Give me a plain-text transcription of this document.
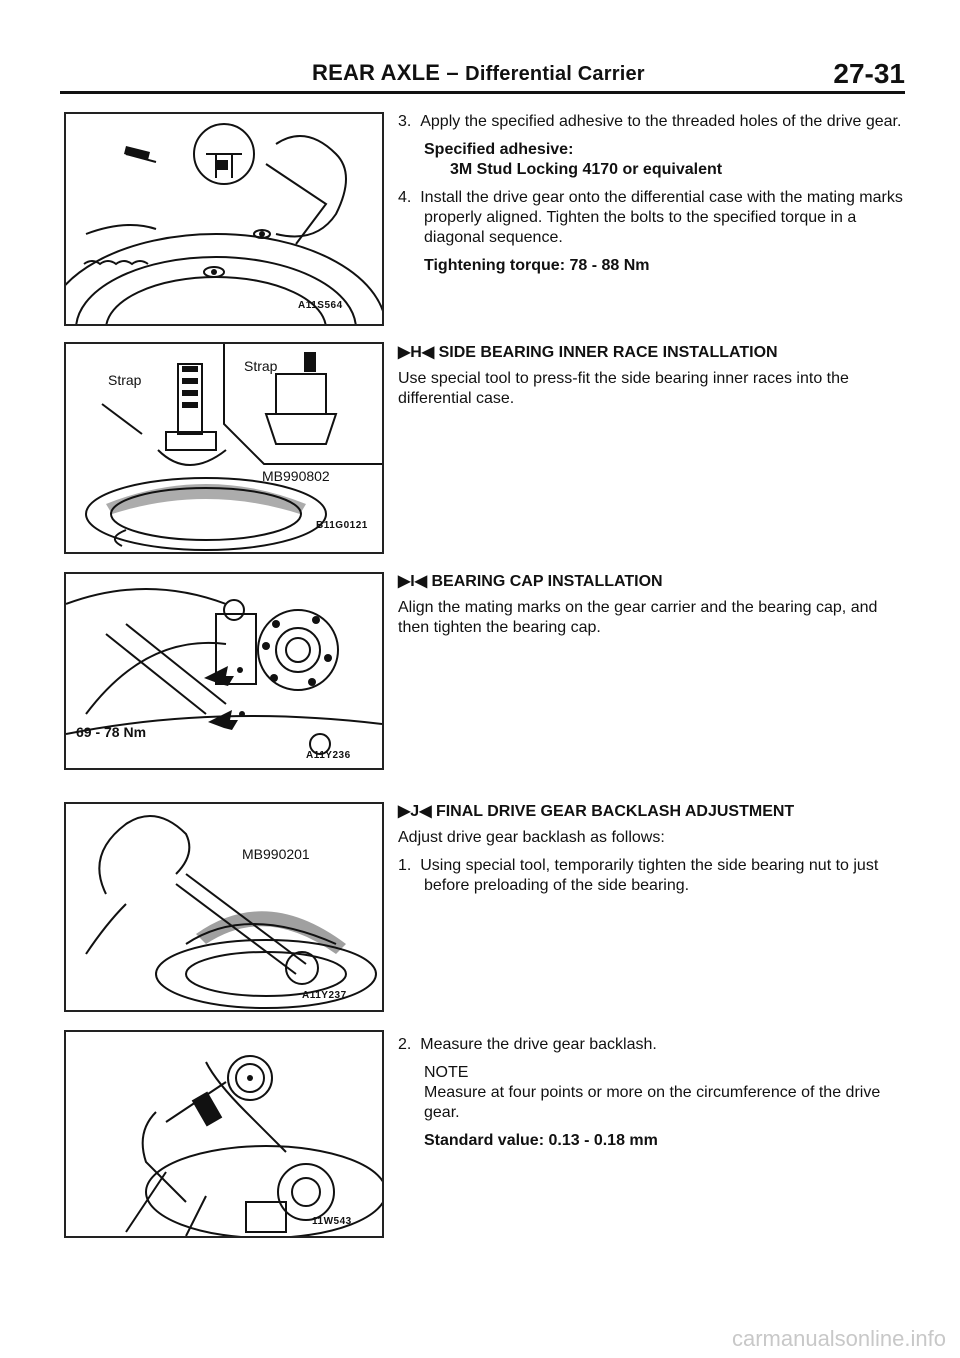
REAR AXLE – Differential Carrier	27-31
A11S564
Strap
Strap
MB990802
B11G0121
69 - 78 Nm
A11Y236
MB990201
A11Y237
11W543

3. Apply the specified adhesive to the threaded holes of the drive gear.

Specified adhesive:

3M Stud Locking 4170 or equivalent

4. Install the drive gear onto the differential case with the mating marks properly aligned. Tighten the bolts to the specified torque in a diagonal sequence.

Tightening torque: 78 - 88 Nm

▶H◀ SIDE BEARING INNER RACE INSTALLATION

Use special tool to press-fit the side bearing inner races into the differential case.

▶I◀ BEARING CAP INSTALLATION

Align the mating marks on the gear carrier and the bearing cap, and then tighten the bearing cap.

▶J◀ FINAL DRIVE GEAR BACKLASH ADJUSTMENT

Adjust drive gear backlash as follows:

1. Using special tool, temporarily tighten the side bearing nut to just before preloading of the side bearing.

2. Measure the drive gear backlash.

NOTE

Measure at four points or more on the circumference of the drive gear.

Standard value: 0.13 - 0.18 mm

carmanualsonline.info
